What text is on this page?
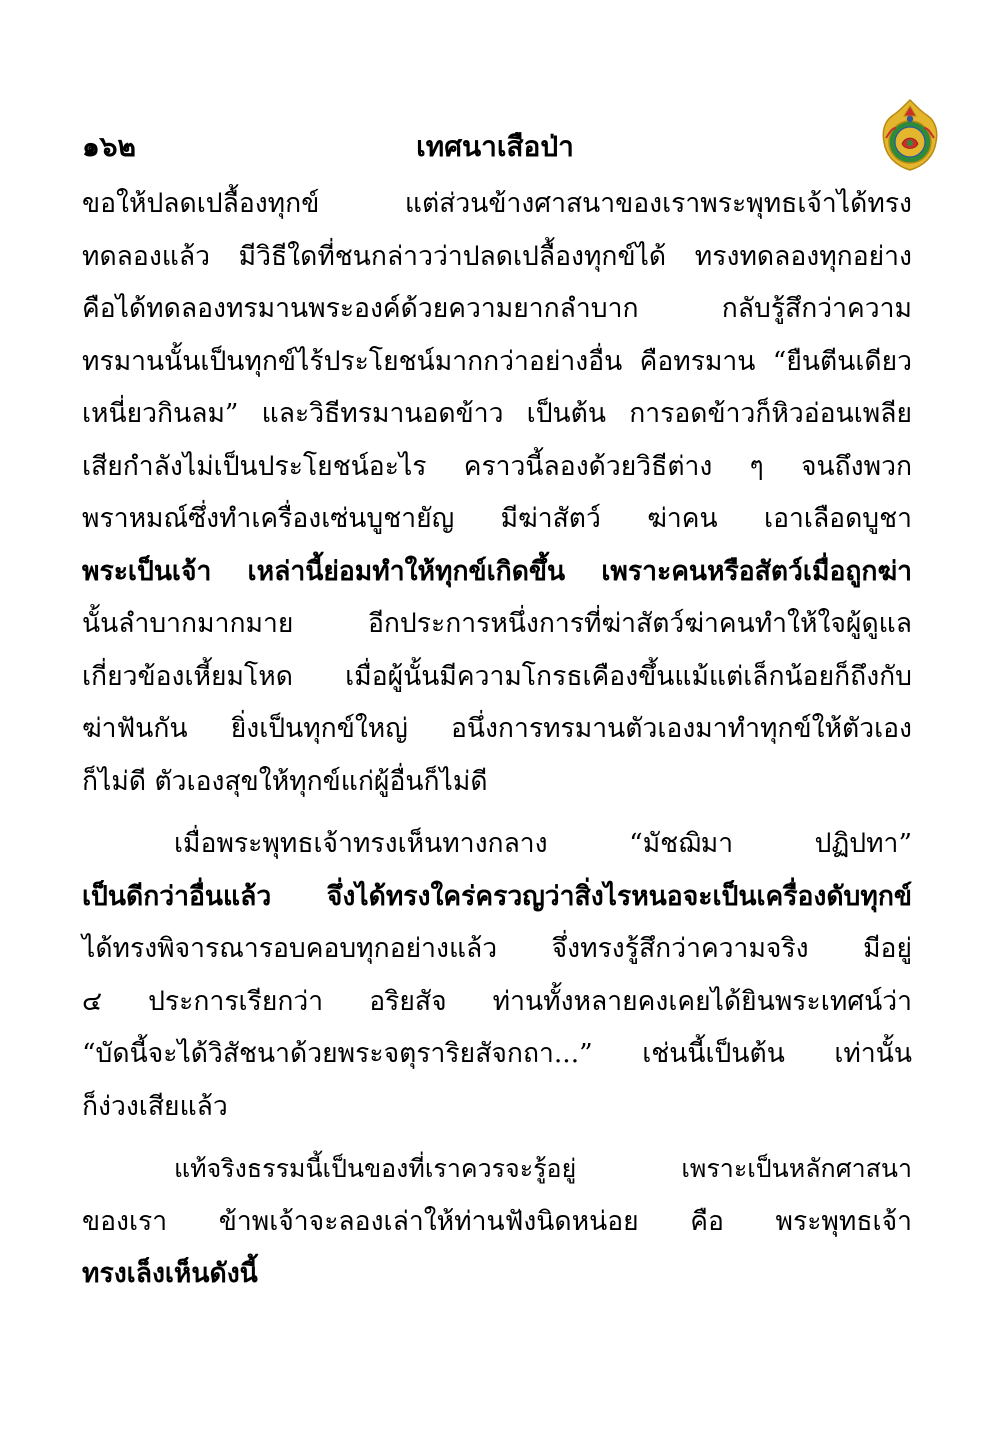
๑๖๒	เทศนาเสือป่า

ขอให้ปลดเปลื้องทุกข์ แต่ส่วนข้างศาสนาของเราพระพุทธเจ้าได้ทรง
ทดลองแล้ว มีวิธีใดที่ชนกล่าวว่าปลดเปลื้องทุกข์ได้ ทรงทดลองทุกอย่าง
คือได้ทดลองทรมานพระองค์ด้วยความยากลำบาก กลับรู้สึกว่าความ
ทรมานนั้นเป็นทุกข์ไร้ประโยชน์มากกว่าอย่างอื่น คือทรมาน “ยืนตีนเดียว
เหนี่ยวกินลม” และวิธีทรมานอดข้าว เป็นต้น การอดข้าวก็หิวอ่อนเพลีย
เสียกำลังไม่เป็นประโยชน์อะไร คราวนี้ลองด้วยวิธีต่าง ๆ จนถึงพวก
พราหมณ์ซึ่งทำเครื่องเซ่นบูชายัญ มีฆ่าสัตว์ ฆ่าคน เอาเลือดบูชา
พระเป็นเจ้า เหล่านี้ย่อมทำให้ทุกข์เกิดขึ้น เพราะคนหรือสัตว์เมื่อถูกฆ่า
นั้นลำบากมากมาย อีกประการหนึ่งการที่ฆ่าสัตว์ฆ่าคนทำให้ใจผู้ดูแล
เกี่ยวข้องเหี้ยมโหด เมื่อผู้นั้นมีความโกรธเคืองขึ้นแม้แต่เล็กน้อยก็ถึงกับ
ฆ่าฟันกัน ยิ่งเป็นทุกข์ใหญ่ อนึ่งการทรมานตัวเองมาทำทุกข์ให้ตัวเอง
ก็ไม่ดี ตัวเองสุขให้ทุกข์แก่ผู้อื่นก็ไม่ดี

เมื่อพระพุทธเจ้าทรงเห็นทางกลาง “มัชฌิมา ปฏิปทา”
เป็นดีกว่าอื่นแล้ว จึ่งได้ทรงใคร่ครวญว่าสิ่งไรหนอจะเป็นเครื่องดับทุกข์
ได้ทรงพิจารณารอบคอบทุกอย่างแล้ว จึ่งทรงรู้สึกว่าความจริง มีอยู่
๔ ประการเรียกว่า อริยสัจ ท่านทั้งหลายคงเคยได้ยินพระเทศน์ว่า
“บัดนี้จะได้วิสัชนาด้วยพระจตุราริยสัจกถา...” เช่นนี้เป็นต้น เท่านั้น
ก็ง่วงเสียแล้ว

แท้จริงธรรมนี้เป็นของที่เราควรจะรู้อยู่ เพราะเป็นหลักศาสนา
ของเรา ข้าพเจ้าจะลองเล่าให้ท่านฟังนิดหน่อย คือ พระพุทธเจ้า
ทรงเล็งเห็นดังนี้
